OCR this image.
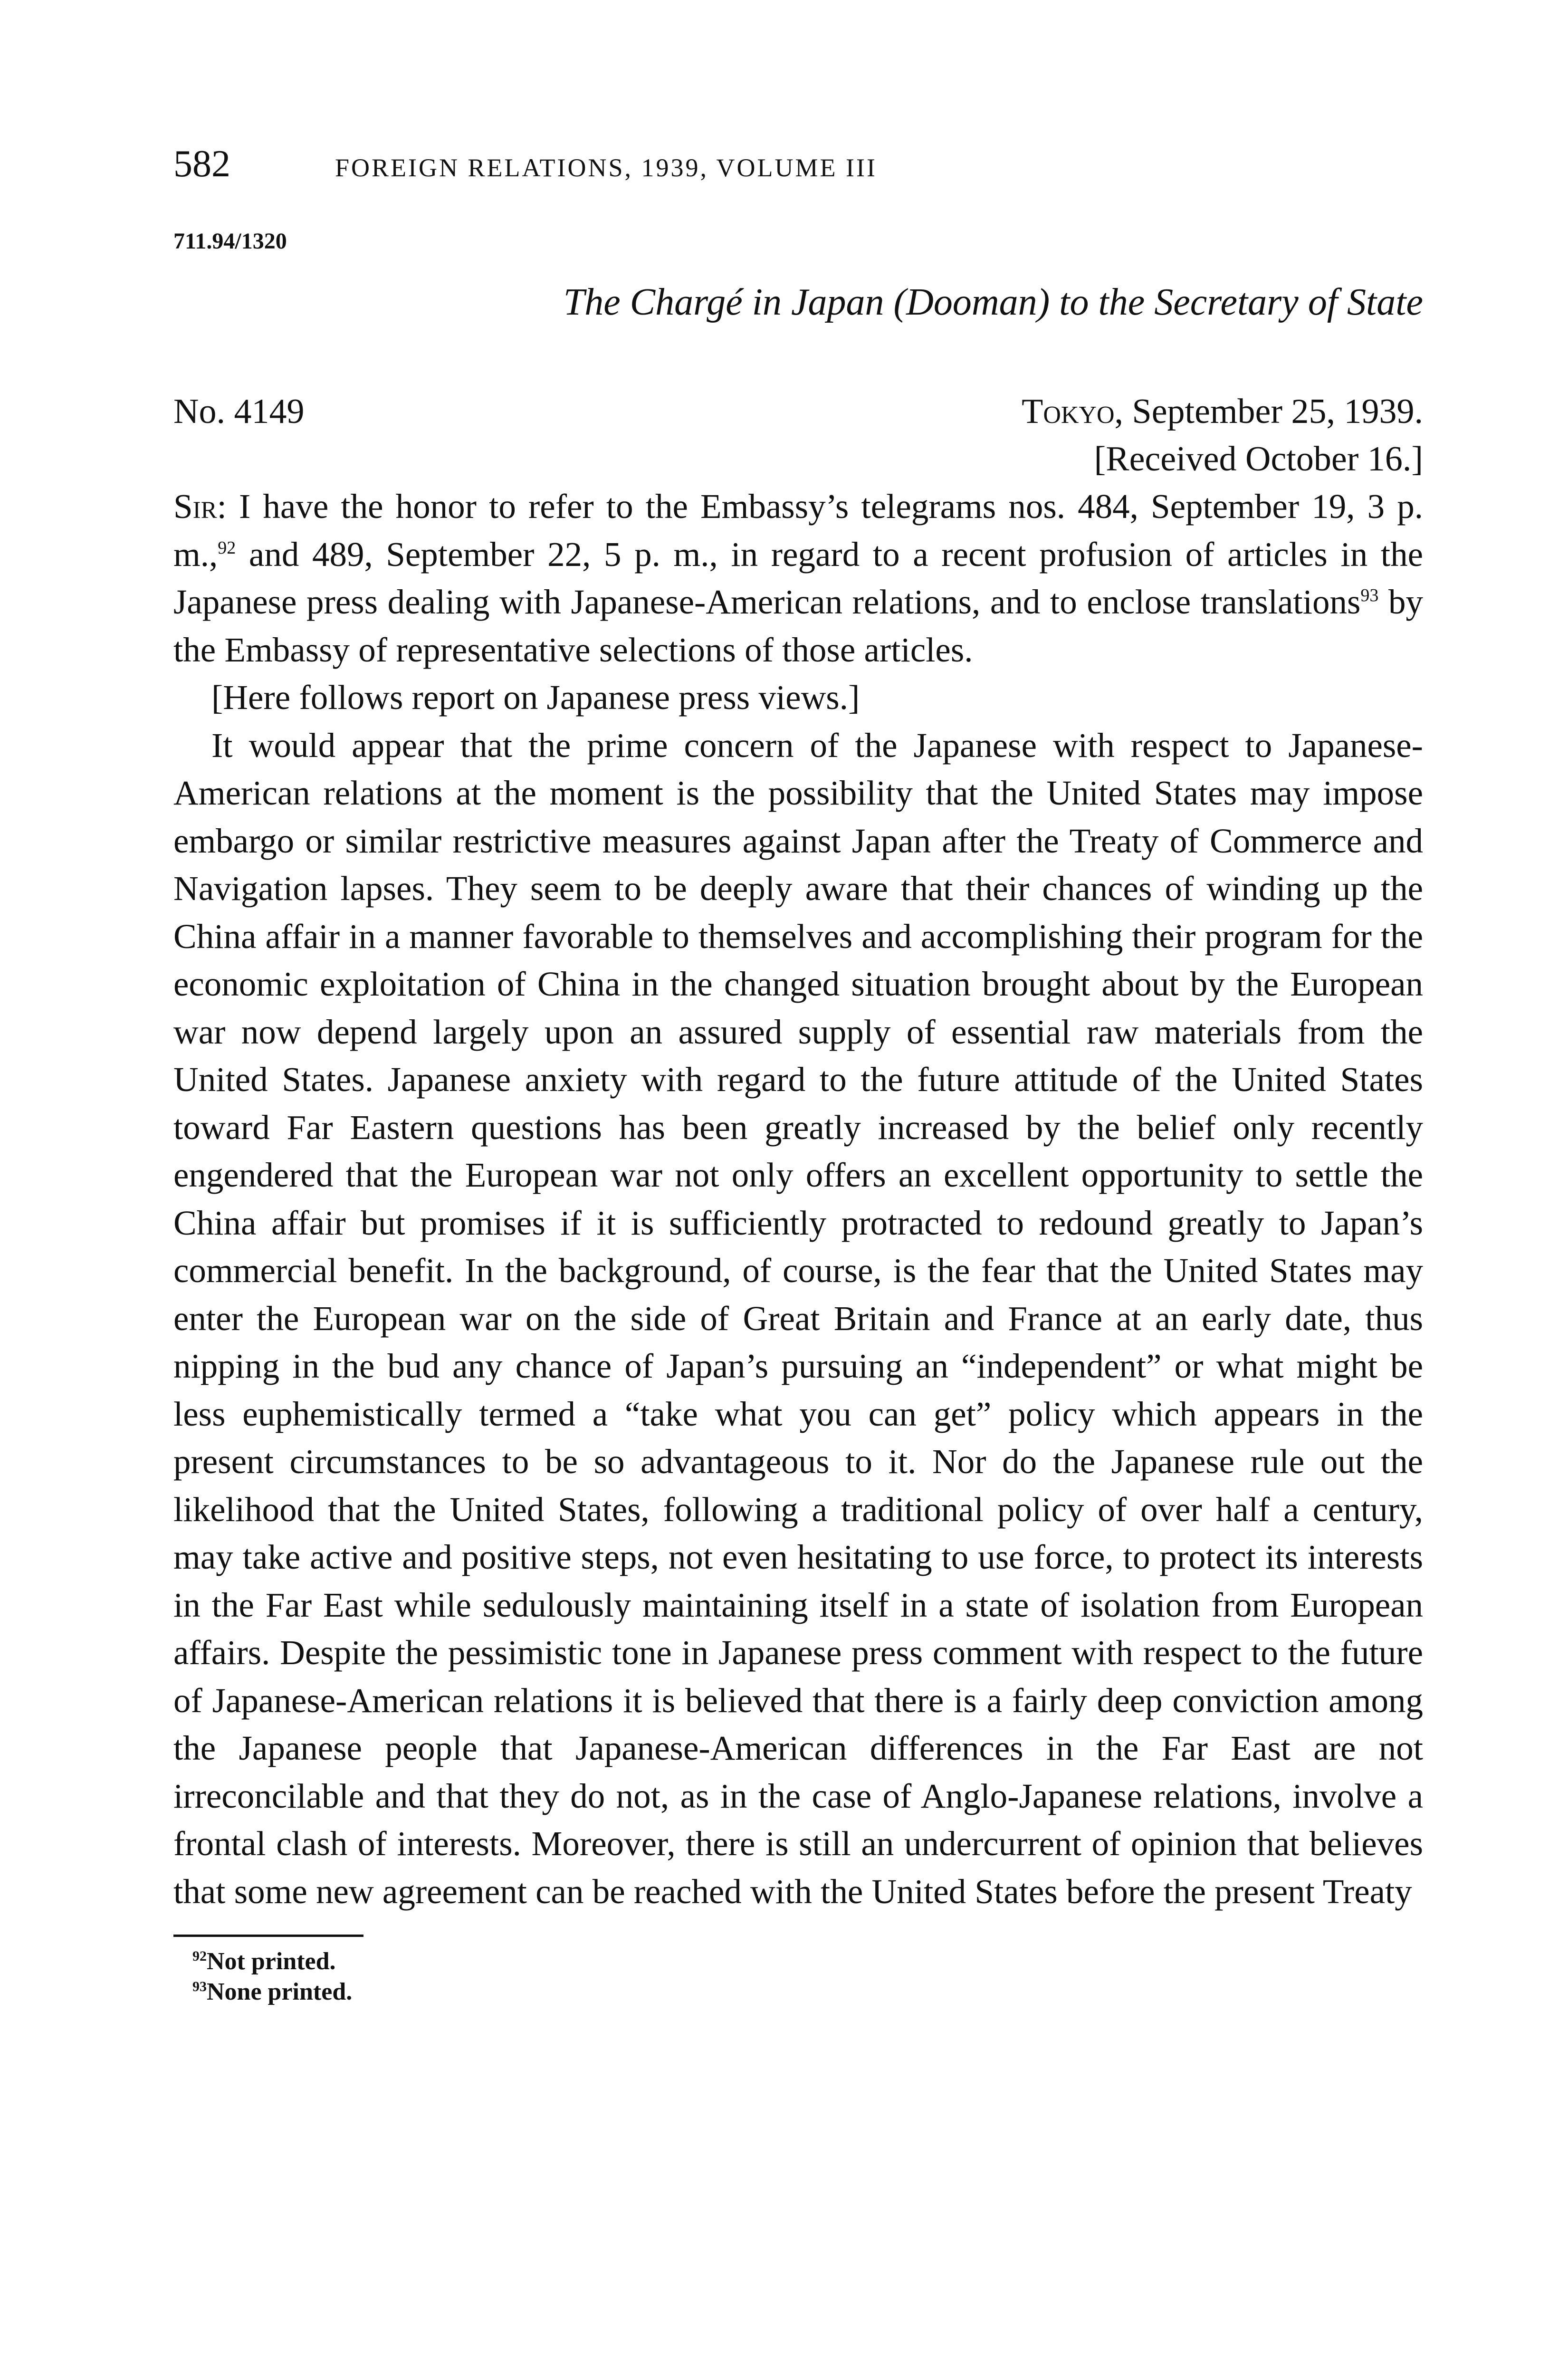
582	FOREIGN RELATIONS, 1939, VOLUME III
711.94/1320
The Chargé in Japan (Dooman) to the Secretary of State
No. 4149	Tokyo, September 25, 1939.
[Received October 16.]

Sir: I have the honor to refer to the Embassy’s telegrams nos. 484, September 19, 3 p. m.,$^{92}$ and 489, September 22, 5 p. m., in regard to a recent profusion of articles in the Japanese press dealing with Japanese-American relations, and to enclose translations$^{93}$ by the Embassy of representative selections of those articles.

[Here follows report on Japanese press views.]

It would appear that the prime concern of the Japanese with respect to Japanese-American relations at the moment is the possibility that the United States may impose embargo or similar restrictive measures against Japan after the Treaty of Commerce and Navigation lapses. They seem to be deeply aware that their chances of winding up the China affair in a manner favorable to themselves and accomplishing their program for the economic exploitation of China in the changed situation brought about by the European war now depend largely upon an assured supply of essential raw materials from the United States. Japanese anxiety with regard to the future attitude of the United States toward Far Eastern questions has been greatly increased by the belief only recently engendered that the European war not only offers an excellent opportunity to settle the China affair but promises if it is sufficiently protracted to redound greatly to Japan’s commercial benefit. In the background, of course, is the fear that the United States may enter the European war on the side of Great Britain and France at an early date, thus nipping in the bud any chance of Japan’s pursuing an “independent” or what might be less euphemistically termed a “take what you can get” policy which appears in the present circumstances to be so advantageous to it. Nor do the Japanese rule out the likelihood that the United States, following a traditional policy of over half a century, may take active and positive steps, not even hesitating to use force, to protect its interests in the Far East while sedulously maintaining itself in a state of isolation from European affairs. Despite the pessimistic tone in Japanese press comment with respect to the future of Japanese-American relations it is believed that there is a fairly deep conviction among the Japanese people that Japanese-American differences in the Far East are not irreconcilable and that they do not, as in the case of Anglo-Japanese relations, involve a frontal clash of interests. Moreover, there is still an undercurrent of opinion that believes that some new agreement can be reached with the United States before the present Treaty

$^{92}$Not printed.
$^{93}$None printed.
